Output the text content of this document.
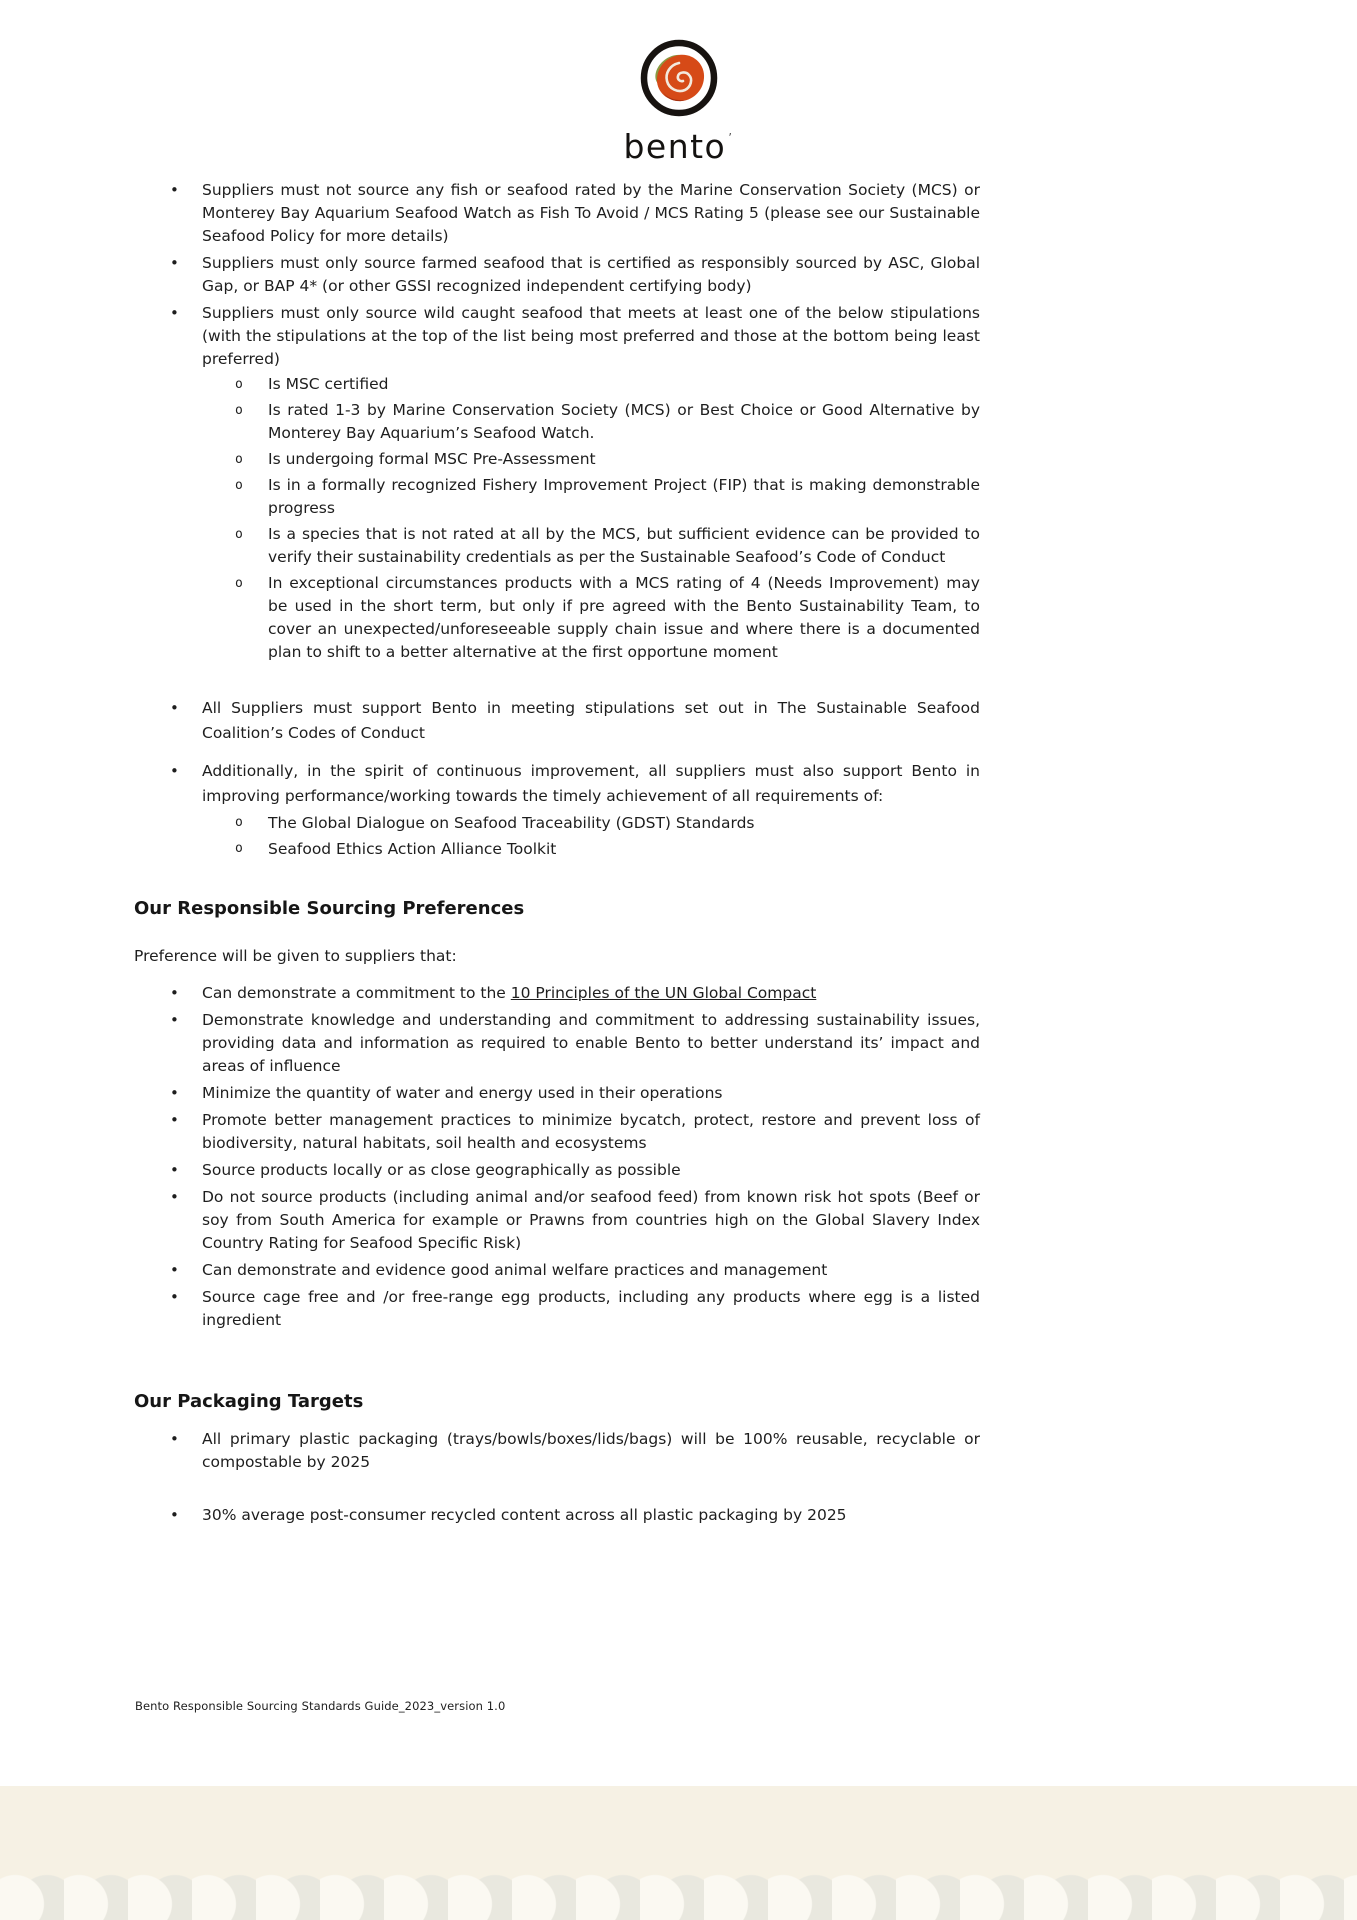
bento ’
• Suppliers must not source any fish or seafood rated by the Marine Conservation Society (MCS) or Monterey Bay Aquarium Seafood Watch as Fish To Avoid / MCS Rating 5 (please see our Sustainable Seafood Policy for more details)
• Suppliers must only source farmed seafood that is certified as responsibly sourced by ASC, Global Gap, or BAP 4* (or other GSSI recognized independent certifying body)
• Suppliers must only source wild caught seafood that meets at least one of the below stipulations (with the stipulations at the top of the list being most preferred and those at the bottom being least preferred)
o Is MSC certified
o Is rated 1-3 by Marine Conservation Society (MCS) or Best Choice or Good Alternative by Monterey Bay Aquarium’s Seafood Watch.
o Is undergoing formal MSC Pre-Assessment
o Is in a formally recognized Fishery Improvement Project (FIP) that is making demonstrable progress
o Is a species that is not rated at all by the MCS, but sufficient evidence can be provided to verify their sustainability credentials as per the Sustainable Seafood’s Code of Conduct
o In exceptional circumstances products with a MCS rating of 4 (Needs Improvement) may be used in the short term, but only if pre agreed with the Bento Sustainability Team, to cover an unexpected/unforeseeable supply chain issue and where there is a documented plan to shift to a better alternative at the first opportune moment
• All Suppliers must support Bento in meeting stipulations set out in The Sustainable Seafood Coalition’s Codes of Conduct
• Additionally, in the spirit of continuous improvement, all suppliers must also support Bento in improving performance/working towards the timely achievement of all requirements of:
o The Global Dialogue on Seafood Traceability (GDST) Standards
o Seafood Ethics Action Alliance Toolkit
Our Responsible Sourcing Preferences

Preference will be given to suppliers that:

• Can demonstrate a commitment to the 10 Principles of the UN Global Compact
• Demonstrate knowledge and understanding and commitment to addressing sustainability issues, providing data and information as required to enable Bento to better understand its’ impact and areas of influence
• Minimize the quantity of water and energy used in their operations
• Promote better management practices to minimize bycatch, protect, restore and prevent loss of biodiversity, natural habitats, soil health and ecosystems
• Source products locally or as close geographically as possible
• Do not source products (including animal and/or seafood feed) from known risk hot spots (Beef or soy from South America for example or Prawns from countries high on the Global Slavery Index Country Rating for Seafood Specific Risk)
• Can demonstrate and evidence good animal welfare practices and management
• Source cage free and /or free-range egg products, including any products where egg is a listed ingredient
Our Packaging Targets
• All primary plastic packaging (trays/bowls/boxes/lids/bags) will be 100% reusable, recyclable or compostable by 2025
• 30% average post-consumer recycled content across all plastic packaging by 2025
Bento Responsible Sourcing Standards Guide_2023_version 1.0
